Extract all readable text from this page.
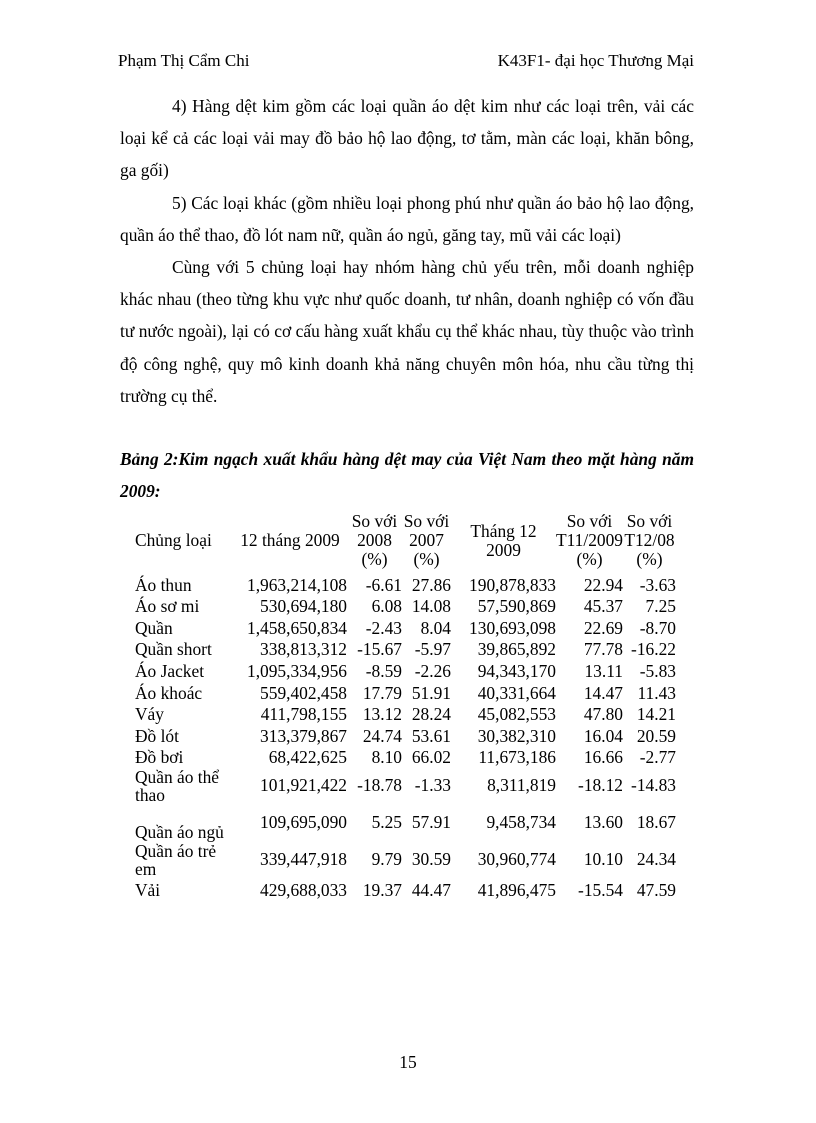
Phạm Thị Cẩm Chi	K43F1- đại học Thương Mại

4) Hàng dệt kim gồm các loại quần áo dệt kim như các loại trên, vải các loại kể cả các loại vải may đồ bảo hộ lao động, tơ tằm, màn các loại, khăn bông, ga gối)

5) Các loại khác (gồm nhiều loại phong phú như quần áo bảo hộ lao động, quần áo thể thao, đồ lót nam nữ, quần áo ngủ, găng tay, mũ vải các loại)

Cùng với 5 chủng loại hay nhóm hàng chủ yếu trên, mỗi doanh nghiệp khác nhau (theo từng khu vực như quốc doanh, tư nhân, doanh nghiệp có vốn đầu tư nước ngoài), lại có cơ cấu hàng xuất khẩu cụ thể khác nhau, tùy thuộc vào trình độ công nghệ, quy mô kinh doanh khả năng chuyên môn hóa, nhu cầu từng thị trường cụ thể.

Bảng 2:Kim ngạch xuất khẩu hàng dệt may của Việt Nam theo mặt hàng năm 2009:
Chủng loại	12 tháng 2009	So với 2008 (%)	So với 2007 (%)	Tháng 12 2009	So với T11/2009 (%)	So với T12/08 (%)
Áo thun	1,963,214,108	-6.61	27.86	190,878,833	22.94	-3.63
Áo sơ mi	530,694,180	6.08	14.08	57,590,869	45.37	7.25
Quần	1,458,650,834	-2.43	8.04	130,693,098	22.69	-8.70
Quần short	338,813,312	-15.67	-5.97	39,865,892	77.78	-16.22
Áo Jacket	1,095,334,956	-8.59	-2.26	94,343,170	13.11	-5.83
Áo khoác	559,402,458	17.79	51.91	40,331,664	14.47	11.43
Váy	411,798,155	13.12	28.24	45,082,553	47.80	14.21
Đồ lót	313,379,867	24.74	53.61	30,382,310	16.04	20.59
Đồ bơi	68,422,625	8.10	66.02	11,673,186	16.66	-2.77
Quần áo thể thao	101,921,422	-18.78	-1.33	8,311,819	-18.12	-14.83
Quần áo ngủ	109,695,090	5.25	57.91	9,458,734	13.60	18.67
Quần áo trẻ em	339,447,918	9.79	30.59	30,960,774	10.10	24.34
Vải	429,688,033	19.37	44.47	41,896,475	-15.54	47.59
15
